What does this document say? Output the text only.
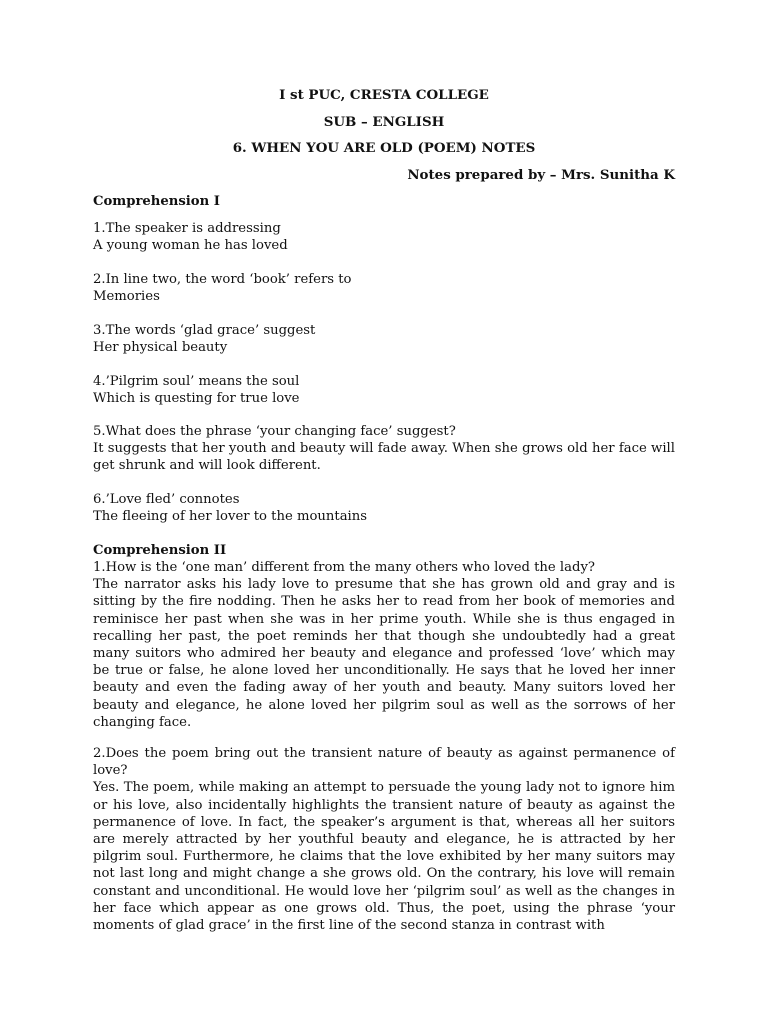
I st PUC, CRESTA COLLEGE
SUB – ENGLISH
6. WHEN YOU ARE OLD (POEM) NOTES
Notes prepared by – Mrs. Sunitha K
Comprehension I

1.The speaker is addressing

A young woman he has loved

2.In line two, the word ‘book’ refers to

Memories

3.The words ‘glad grace’ suggest

Her physical beauty

4.’Pilgrim soul’ means the soul

Which is questing for true love

5.What does the phrase ‘your changing face’ suggest?

It suggests that her youth and beauty will fade away. When she grows old her face will get shrunk and will look different.

6.’Love fled’ connotes

The fleeing of her lover to the mountains

Comprehension II

1.How is the ‘one man’ different from the many others who loved the lady?

The narrator asks his lady love to presume that she has grown old and gray and is sitting by the fire nodding. Then he asks her to read from her book of memories and reminisce her past when she was in her prime youth. While she is thus engaged in recalling her past, the poet reminds her that though she undoubtedly had a great many suitors who admired her beauty and elegance and professed ‘love’ which may be true or false, he alone loved her unconditionally. He says that he loved her inner beauty and even the fading away of her youth and beauty. Many suitors loved her beauty and elegance, he alone loved her pilgrim soul as well as the sorrows of her changing face.

2.Does the poem bring out the transient nature of beauty as against permanence of love?

Yes. The poem, while making an attempt to persuade the young lady not to ignore him or his love, also incidentally highlights the transient nature of beauty as against the permanence of love. In fact, the speaker’s argument is that, whereas all her suitors are merely attracted by her youthful beauty and elegance, he is attracted by her pilgrim soul. Furthermore, he claims that the love exhibited by her many suitors may not last long and might change a she grows old. On the contrary, his love will remain constant and unconditional. He would love her ‘pilgrim soul’ as well as the changes in her face which appear as one grows old. Thus, the poet, using the phrase ‘your moments of glad grace’ in the first line of the second stanza in contrast with
